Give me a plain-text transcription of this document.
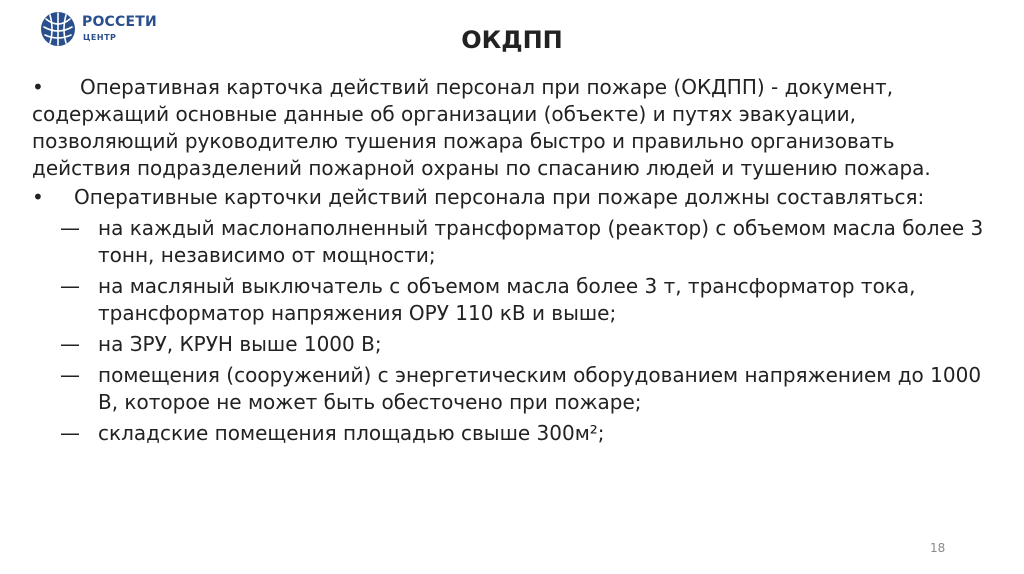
РОССЕТИ
ЦЕНТР	ОКДПП

• Оперативная карточка действий персонал при пожаре (ОКДПП) - документ, содержащий основные данные об организации (объекте) и путях эвакуации, позволяющий руководителю тушения пожара быстро и правильно организовать действия подразделений пожарной охраны по спасанию людей и тушению пожара.

• Оперативные карточки действий персонала при пожаре должны составляться:

— на каждый маслонаполненный трансформатор (реактор) с объемом масла более 3 тонн, независимо от мощности;
— на масляный выключатель с объемом масла более 3 т, трансформатор тока, трансформатор напряжения ОРУ 110 кВ и выше;
— на ЗРУ, КРУН выше 1000 В;
— помещения (сооружений) с энергетическим оборудованием напряжением до 1000 В, которое не может быть обесточено при пожаре;
— складские помещения площадью свыше 300м²;
18
